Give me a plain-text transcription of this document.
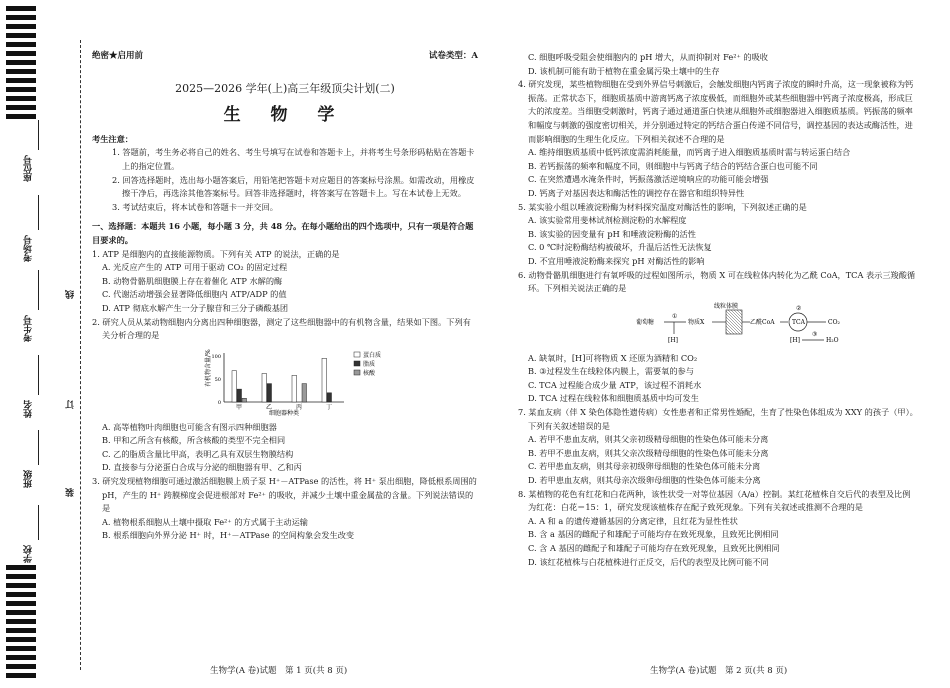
座位号
考场号
考生号
姓名
班级
学校
线
订
装
绝密★启用前	试卷类型：A
2025—2026 学年(上)高三年级顶尖计划(二)
生 物 学
考生注意：
1. 答题前，考生务必将自己的姓名、考生号填写在试卷和答题卡上，并将考生号条形码粘贴在答题卡上的指定位置。
2. 回答选择题时，选出每小题答案后，用铅笔把答题卡对应题目的答案标号涂黑。如需改动，用橡皮擦干净后，再选涂其他答案标号。回答非选择题时，将答案写在答题卡上。写在本试卷上无效。
3. 考试结束后，将本试卷和答题卡一并交回。
一、选择题：本题共 16 小题，每小题 3 分，共 48 分。在每小题给出的四个选项中，只有一项是符合题目要求的。
1. ATP 是细胞内的直接能源物质。下列有关 ATP 的说法，正确的是
A. 光反应产生的 ATP 可用于驱动 CO₂ 的固定过程
B. 动物骨骼肌细胞膜上存在着催化 ATP 水解的酶
C. 代谢活动增强会显著降低细胞内 ATP/ADP 的值
D. ATP 彻底水解产生一分子腺苷和三分子磷酸基团
2. 研究人员从某动物细胞内分离出四种细胞器，测定了这些细胞器中的有机物含量，结果如下图。下列有关分析合理的是
有机物含量/%
0
50
100
甲	乙	丙	丁
细胞器种类
蛋白质
脂质
核酸
A. 高等植物叶肉细胞也可能含有图示四种细胞器
B. 甲和乙所含有核酸，所含核酸的类型不完全相同
C. 乙的脂质含量比甲高，表明乙具有双层生物膜结构
D. 直接参与分泌蛋白合成与分泌的细胞器有甲、乙和丙
3. 研究发现植物细胞可通过激活细胞膜上质子泵 H⁺－ATPase 的活性，将 H⁺ 泵出细胞，降低根系周围的 pH，产生的 H⁺ 跨膜梯度会促进根部对 Fe²⁺ 的吸收，并减少土壤中重金属盐的含量。下列说法错误的是
A. 植物根系细胞从土壤中摄取 Fe²⁺ 的方式属于主动运输
B. 根系细胞向外界分泌 H⁺ 时，H⁺－ATPase 的空间构象会发生改变
C. 细胞呼吸受阻会使细胞内的 pH 增大，从而抑制对 Fe²⁺ 的吸收
D. 该机制可能有助于植物在重金属污染土壤中的生存
4. 研究发现，某些植物细胞在受到外界信号刺激后，会触发细胞内钙离子浓度的瞬时升高，这一现象被称为钙振荡。正常状态下，细胞质基质中游离钙离子浓度极低，而细胞外或某些细胞器中钙离子浓度极高，形成巨大的浓度差。当细胞受刺激时，钙离子通过通道蛋白快速从细胞外或细胞器进入细胞质基质。钙振荡的频率和幅度与刺激的强度密切相关，并分别通过特定的钙结合蛋白传递不同信号，调控基因的表达或酶活性，进而影响细胞的生理生化反应。下列相关叙述不合理的是
A. 维持细胞质基质中低钙浓度需消耗能量，而钙离子进入细胞质基质时需与转运蛋白结合
B. 若钙振荡的频率和幅度不同，则细胞中与钙离子结合的钙结合蛋白也可能不同
C. 在突然遭遇水淹条件时，钙振荡激活逆境响应的功能可能会增强
D. 钙离子对基因表达和酶活性的调控存在器官和组织特异性
5. 某实验小组以唾液淀粉酶为材料探究温度对酶活性的影响，下列叙述正确的是
A. 该实验常用斐林试剂检测淀粉的水解程度
B. 该实验的因变量有 pH 和唾液淀粉酶的活性
C. 0 ℃时淀粉酶结构被破坏，升温后活性无法恢复
D. 不宜用唾液淀粉酶来探究 pH 对酶活性的影响
6. 动物骨骼肌细胞进行有氧呼吸的过程如图所示，物质 X 可在线粒体内转化为乙酰 CoA，TCA 表示三羧酸循环。下列相关说法正确的是
葡萄糖
①
[H]
物质X
线粒体膜
乙酰CoA	TCA
②
CO₂
[H]
③
H₂O
A. 缺氧时，[H]可将物质 X 还原为酒精和 CO₂
B. ③过程发生在线粒体内膜上，需要氧的参与
C. TCA 过程能合成少量 ATP，该过程不消耗水
D. TCA 过程在线粒体和细胞质基质中均可发生
7. 某血友病（伴 X 染色体隐性遗传病）女性患者和正常男性婚配，生育了性染色体组成为 XXY 的孩子（甲）。下列有关叙述错误的是
A. 若甲不患血友病，则其父亲初级精母细胞的性染色体可能未分离
B. 若甲不患血友病，则其父亲次级精母细胞的性染色体可能未分离
C. 若甲患血友病，则其母亲初级卵母细胞的性染色体可能未分离
D. 若甲患血友病，则其母亲次级卵母细胞的性染色体可能未分离
8. 某植物的花色有红花和白花两种，该性状受一对等位基因（A/a）控制。某红花植株自交后代的表型及比例为红花：白花＝15：1，研究发现该植株存在配子致死现象。下列有关叙述或推测不合理的是
A. A 和 a 的遗传遵循基因的分离定律，且红花为显性性状
B. 含 a 基因的雌配子和雄配子可能均存在致死现象，且致死比例相同
C. 含 A 基因的雌配子和雄配子可能均存在致死现象，且致死比例相同
D. 该红花植株与白花植株进行正反交，后代的表型及比例可能不同
生物学(A 卷)试题　第 1 页(共 8 页)	生物学(A 卷)试题　第 2 页(共 8 页)
